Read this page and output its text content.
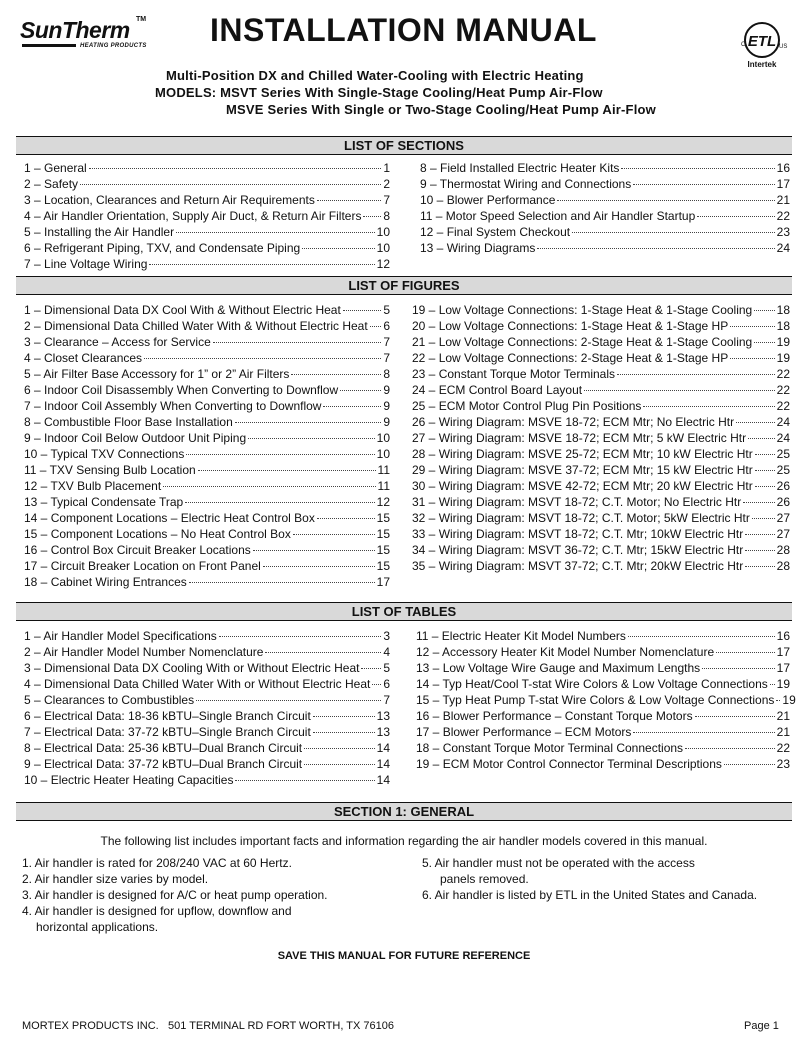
SunTherm TM
HEATING PRODUCTS INSTALLATION MANUAL	ETL
C	US
Intertek
Multi-Position DX and Chilled Water-Cooling with Electric Heating
MODELS: MSVT Series With Single-Stage Cooling/Heat Pump Air-Flow
MSVE Series With Single or Two-Stage Cooling/Heat Pump Air-Flow
LIST OF SECTIONS
1 – General	1
2 – Safety	2
3 – Location, Clearances and Return Air Requirements	7
4 – Air Handler Orientation, Supply Air Duct, & Return Air Filters 8
5 – Installing the Air Handler	10
6 – Refrigerant Piping, TXV, and Condensate Piping	10
7 – Line Voltage Wiring	12
8 – Field Installed Electric Heater Kits	16
9 – Thermostat Wiring and Connections	17
10 – Blower Performance	21
11 – Motor Speed Selection and Air Handler Startup	22
12 – Final System Checkout	23
13 – Wiring Diagrams	24
LIST OF FIGURES
1 – Dimensional Data DX Cool With & Without Electric Heat	5
2 – Dimensional Data Chilled Water With & Without Electric Heat 6
3 – Clearance – Access for Service	7
4 – Closet Clearances	7
5 – Air Filter Base Accessory for 1” or 2” Air Filters	8
6 – Indoor Coil Disassembly When Converting to Downflow	9
7 – Indoor Coil Assembly When Converting to Downflow	9
8 – Combustible Floor Base Installation	9
9 – Indoor Coil Below Outdoor Unit Piping	10
10 – Typical TXV Connections	10
11 – TXV Sensing Bulb Location	11
12 – TXV Bulb Placement	11
13 – Typical Condensate Trap	12
14 – Component Locations – Electric Heat Control Box	15
15 – Component Locations – No Heat Control Box	15
16 – Control Box Circuit Breaker Locations	15
17 – Circuit Breaker Location on Front Panel	15
18 – Cabinet Wiring Entrances	17
19 – Low Voltage Connections: 1-Stage Heat & 1-Stage Cooling 18
20 – Low Voltage Connections: 1-Stage Heat & 1-Stage HP	18
21 – Low Voltage Connections: 2-Stage Heat & 1-Stage Cooling 19
22 – Low Voltage Connections: 2-Stage Heat & 1-Stage HP	19
23 – Constant Torque Motor Terminals	22
24 – ECM Control Board Layout	22
25 – ECM Motor Control Plug Pin Positions	22
26 – Wiring Diagram: MSVE 18-72; ECM Mtr; No Electric Htr	24
27 – Wiring Diagram: MSVE 18-72; ECM Mtr; 5 kW Electric Htr	24
28 – Wiring Diagram: MSVE 25-72; ECM Mtr; 10 kW Electric Htr 25
29 – Wiring Diagram: MSVE 37-72; ECM Mtr; 15 kW Electric Htr 25
30 – Wiring Diagram: MSVE 42-72; ECM Mtr; 20 kW Electric Htr 26
31 – Wiring Diagram: MSVT 18-72; C.T. Motor; No Electric Htr	26
32 – Wiring Diagram: MSVT 18-72; C.T. Motor; 5kW Electric Htr 27
33 – Wiring Diagram: MSVT 18-72; C.T. Mtr; 10kW Electric Htr	27
34 – Wiring Diagram: MSVT 36-72; C.T. Mtr; 15kW Electric Htr	28
35 – Wiring Diagram: MSVT 37-72; C.T. Mtr; 20kW Electric Htr	28
LIST OF TABLES
1 – Air Handler Model Specifications	3
2 – Air Handler Model Number Nomenclature	4
3 – Dimensional Data DX Cooling With or Without Electric Heat 5
4 – Dimensional Data Chilled Water With or Without Electric Heat 6
5 – Clearances to Combustibles	7
6 – Electrical Data: 18-36 kBTU–Single Branch Circuit	13
7 – Electrical Data: 37-72 kBTU–Single Branch Circuit	13
8 – Electrical Data: 25-36 kBTU–Dual Branch Circuit	14
9 – Electrical Data: 37-72 kBTU–Dual Branch Circuit	14
10 – Electric Heater Heating Capacities	14
11 – Electric Heater Kit Model Numbers	16
12 – Accessory Heater Kit Model Number Nomenclature	17
13 – Low Voltage Wire Gauge and Maximum Lengths	17
14 – Typ Heat/Cool T-stat Wire Colors & Low Voltage Connections 19
15 – Typ Heat Pump T-stat Wire Colors & Low Voltage Connections 19
16 – Blower Performance – Constant Torque Motors	21
17 – Blower Performance – ECM Motors	21
18 – Constant Torque Motor Terminal Connections	22
19 – ECM Motor Control Connector Terminal Descriptions	23
SECTION 1: GENERAL
The following list includes important facts and information regarding the air handler models covered in this manual.
1. Air handler is rated for 208/240 VAC at 60 Hertz.
2. Air handler size varies by model.
3. Air handler is designed for A/C or heat pump operation.
4. Air handler is designed for upflow, downflow and
horizontal applications.
5. Air handler must not be operated with the access
panels removed.
6. Air handler is listed by ETL in the United States and Canada.
SAVE THIS MANUAL FOR FUTURE REFERENCE
MORTEX PRODUCTS INC. 501 TERMINAL RD FORT WORTH, TX 76106	Page 1
